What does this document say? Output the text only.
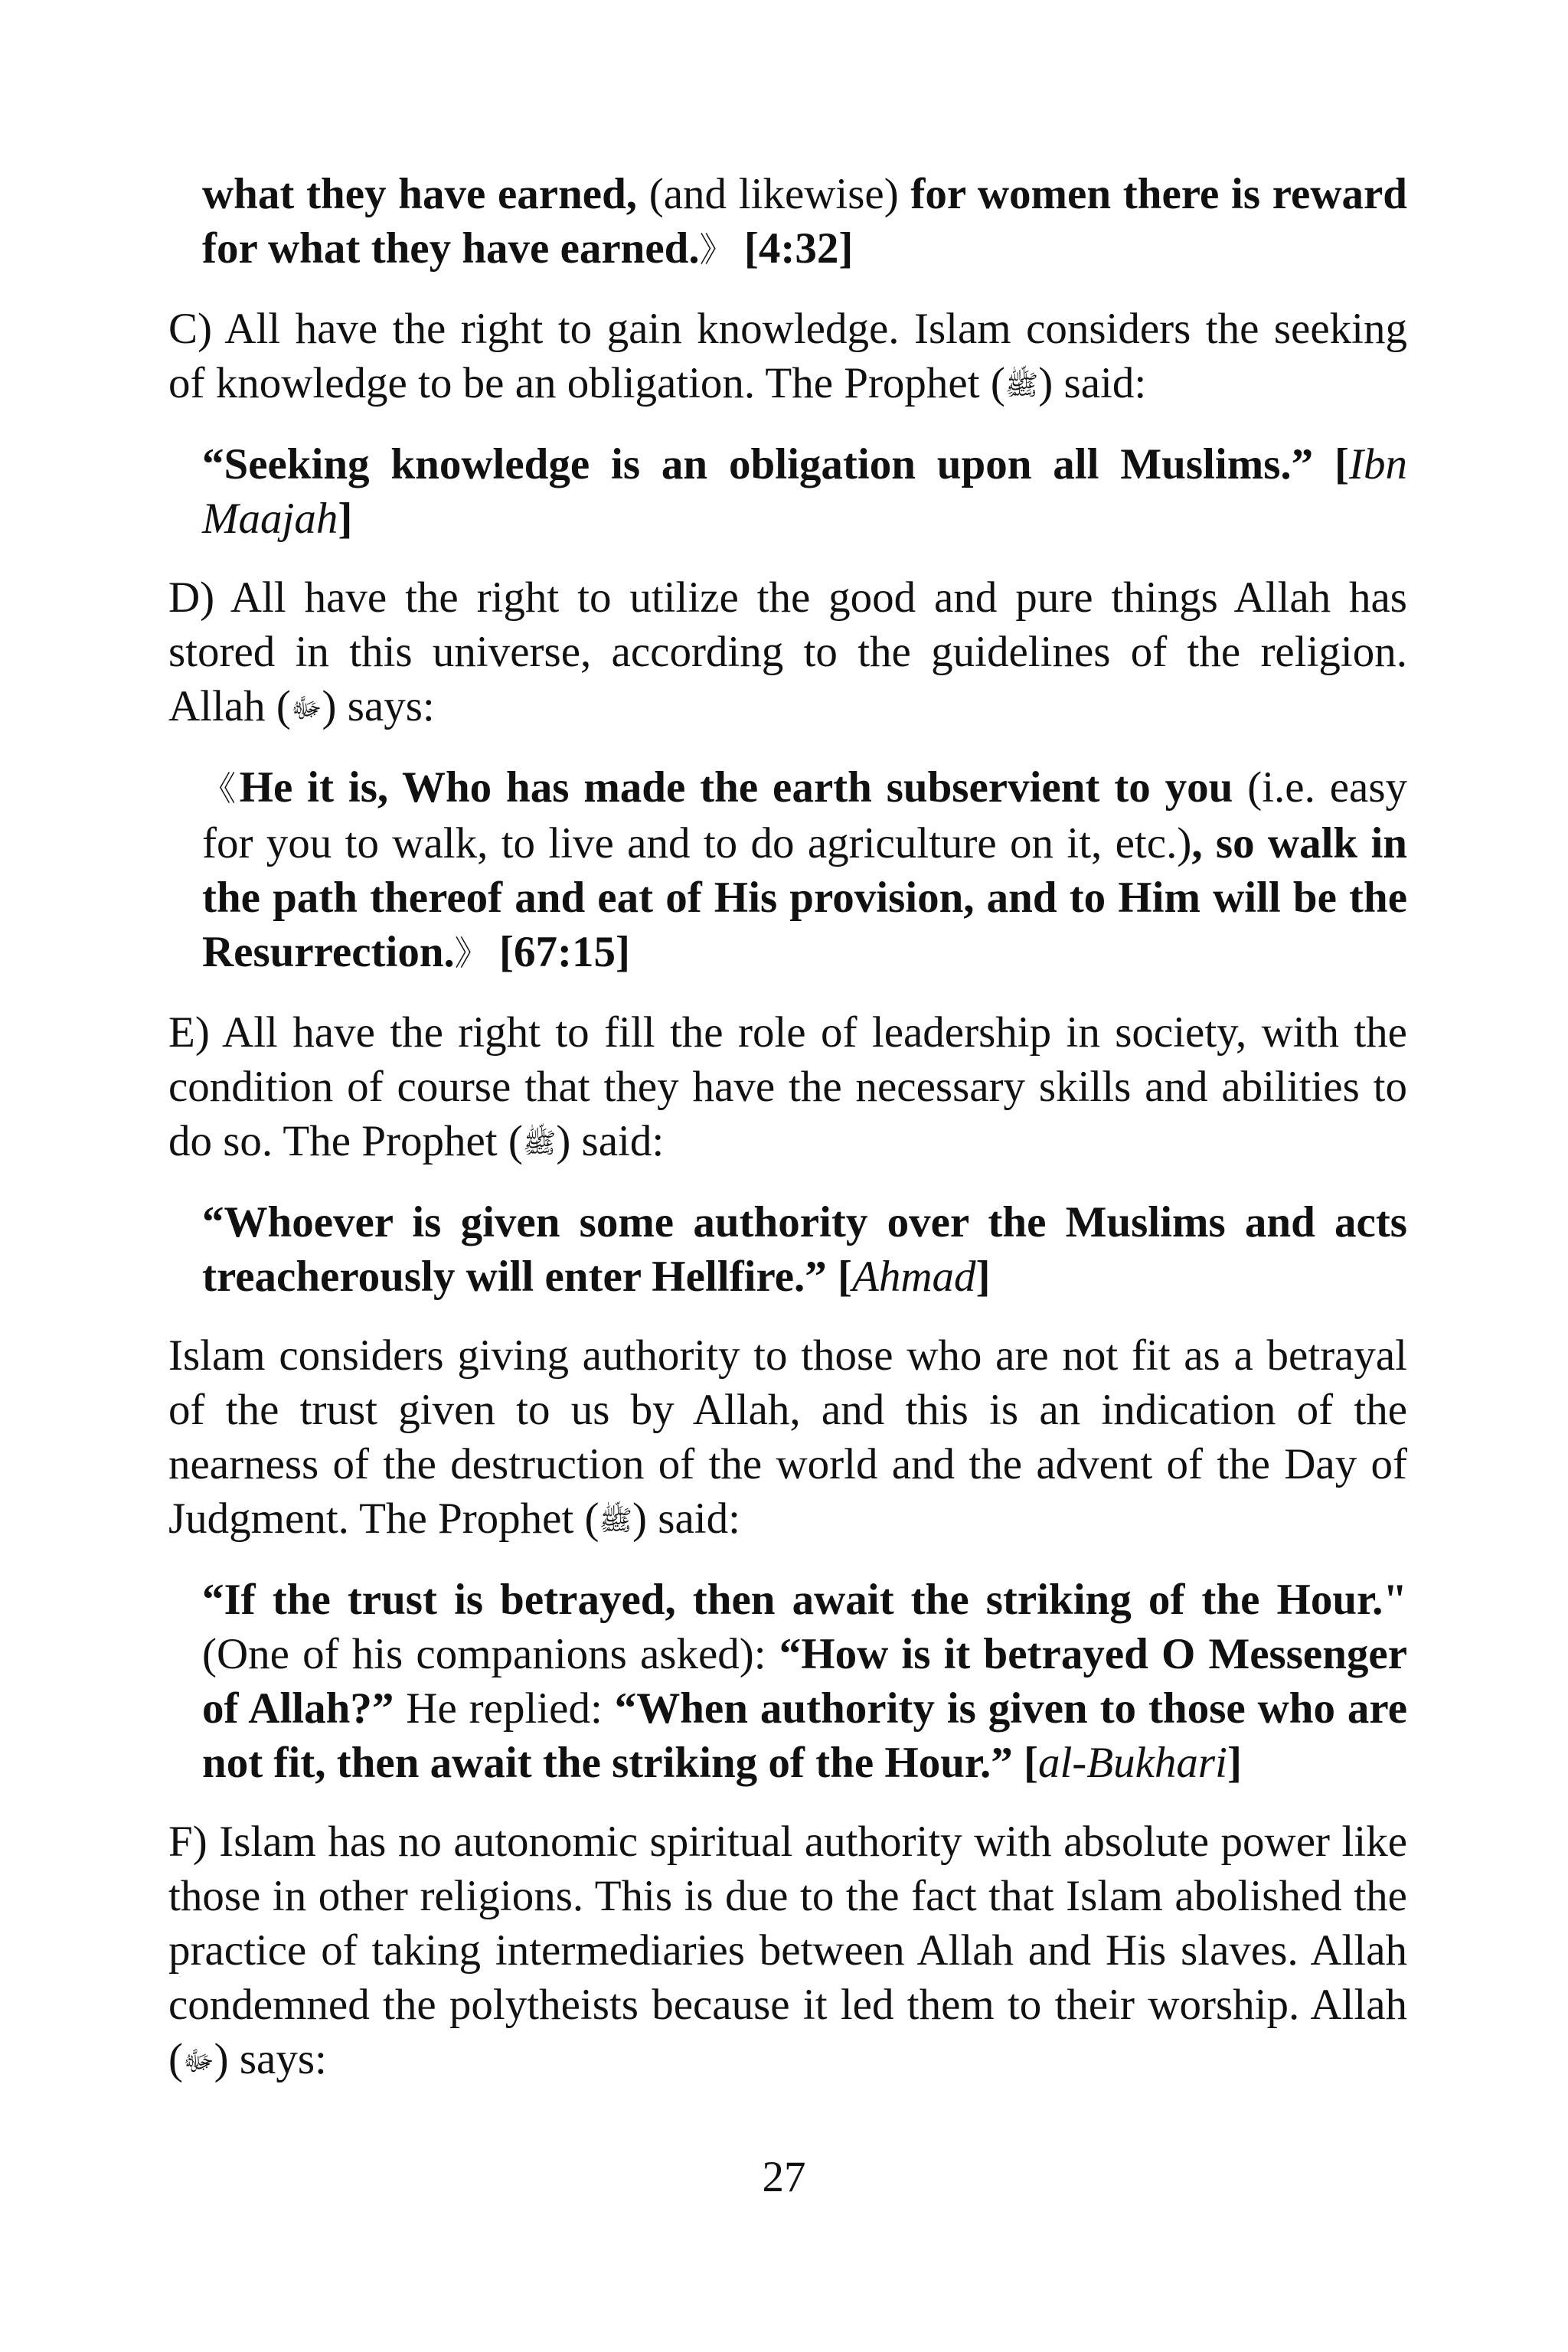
what they have earned, (and likewise) for women there is reward for what they have earned.》 [4:32]

C) All have the right to gain knowledge. Islam considers the seeking of knowledge to be an obligation. The Prophet (ﷺ) said:

“Seeking knowledge is an obligation upon all Muslims.” [Ibn Maajah]

D) All have the right to utilize the good and pure things Allah has stored in this universe, according to the guidelines of the religion. Allah (ﷻ) says:

《He it is, Who has made the earth subservient to you (i.e. easy for you to walk, to live and to do agriculture on it, etc.), so walk in the path thereof and eat of His provision, and to Him will be the Resurrection.》 [67:15]

E) All have the right to fill the role of leadership in society, with the condition of course that they have the necessary skills and abilities to do so. The Prophet (ﷺ) said:

“Whoever is given some authority over the Muslims and acts treacherously will enter Hellfire.” [Ahmad]

Islam considers giving authority to those who are not fit as a betrayal of the trust given to us by Allah, and this is an indication of the nearness of the destruction of the world and the advent of the Day of Judgment. The Prophet (ﷺ) said:

“If the trust is betrayed, then await the striking of the Hour." (One of his companions asked): “How is it betrayed O Messenger of Allah?” He replied: “When authority is given to those who are not fit, then await the striking of the Hour.” [al-Bukhari]

F) Islam has no autonomic spiritual authority with absolute power like those in other religions. This is due to the fact that Islam abolished the practice of taking intermediaries between Allah and His slaves. Allah condemned the polytheists because it led them to their worship. Allah (ﷻ) says:

27
